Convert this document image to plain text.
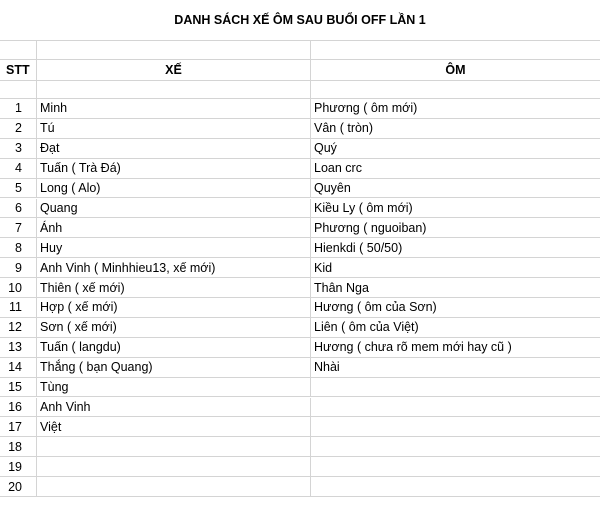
DANH SÁCH XẾ ÔM SAU BUỔI OFF LẦN 1
STT	XẾ	ÔM
1	Minh	Phương ( ôm mới)
2	Tú	Vân ( tròn)
3	Đạt	Quý
4	Tuấn ( Trà Đá)	Loan crc
5	Long ( Alo)	Quyên
6	Quang	Kiều Ly ( ôm mới)
7	Ánh	Phương ( nguoiban)
8	Huy	Hienkdi ( 50/50)
9	Anh Vinh ( Minhhieu13, xế mới)	Kid
10	Thiên ( xế mới)	Thân Nga
11	Hợp ( xế mới)	Hương ( ôm của Sơn)
12	Sơn ( xế mới)	Liên ( ôm của Việt)
13	Tuấn ( langdu)	Hương ( chưa rõ mem mới hay cũ )
14	Thắng ( bạn Quang)	Nhài
15	Tùng
16	Anh Vinh
17	Việt
18
19
20
